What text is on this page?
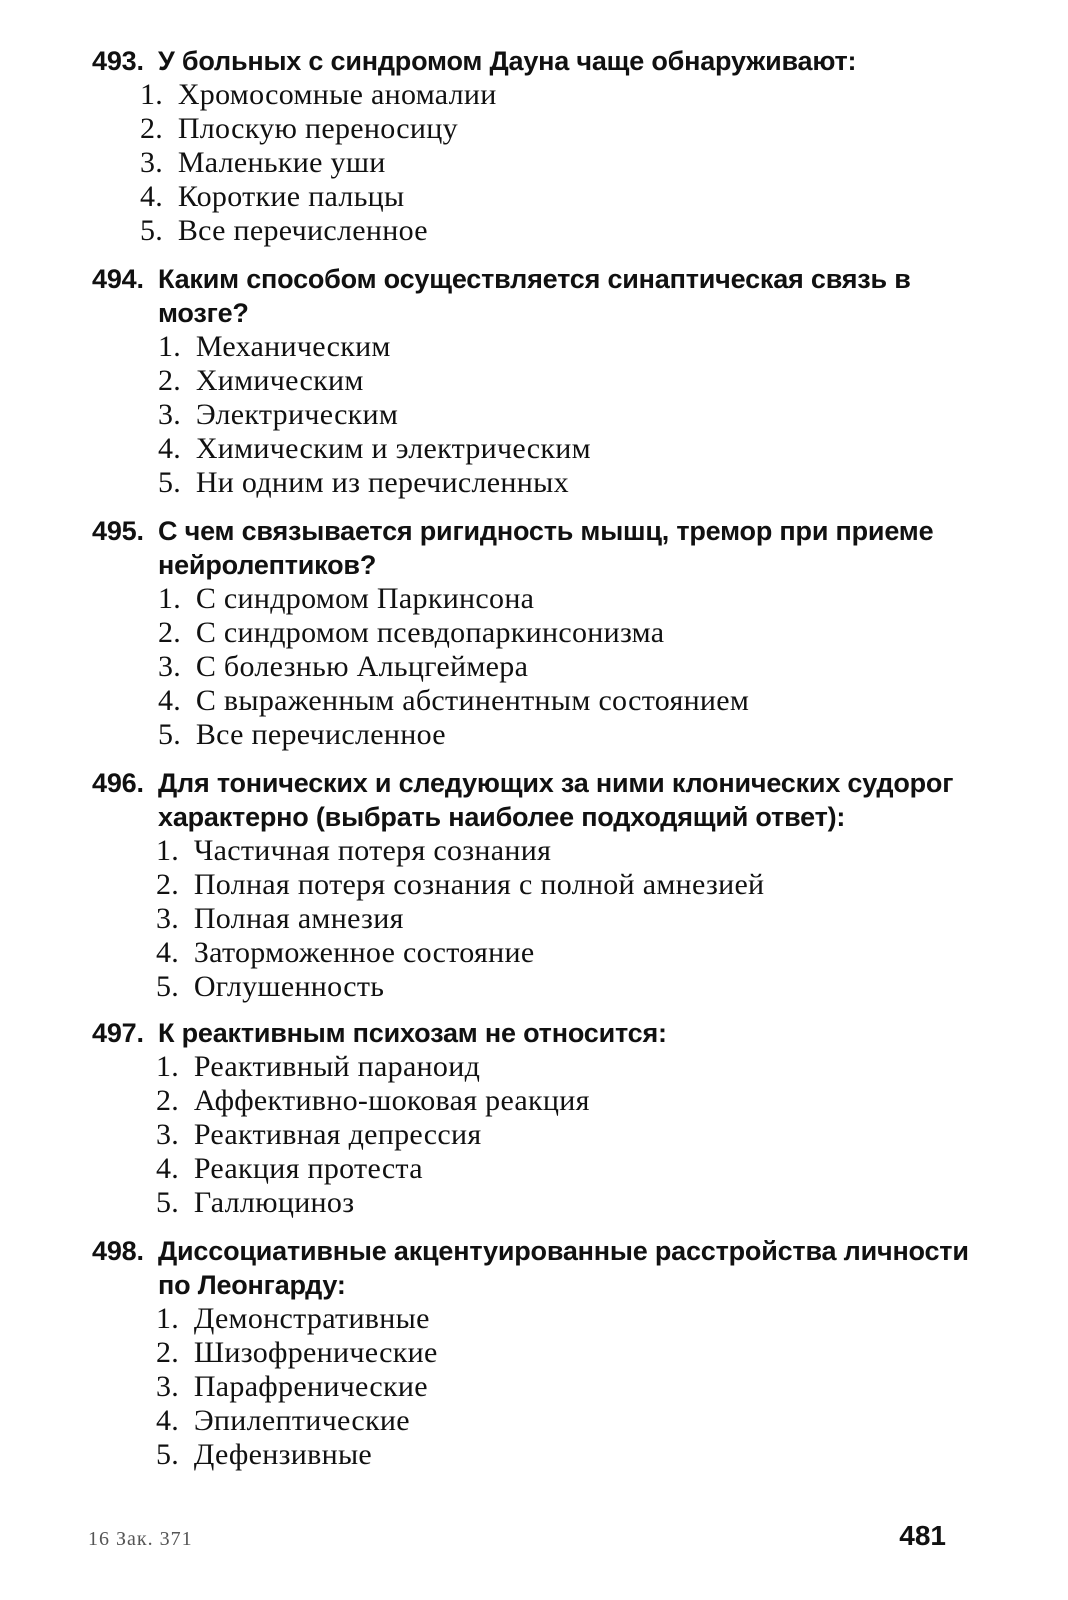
493. У больных с синдромом Дауна чаще обнаруживают:
1. Хромосомные аномалии
2. Плоскую переносицу
3. Маленькие уши
4. Короткие пальцы
5. Все перечисленное
494. Каким способом осуществляется синаптическая связь в мозге?
1. Механическим
2. Химическим
3. Электрическим
4. Химическим и электрическим
5. Ни одним из перечисленных
495. С чем связывается ригидность мышц, тремор при приеме нейролептиков?
1. С синдромом Паркинсона
2. С синдромом псевдопаркинсонизма
3. С болезнью Альцгеймера
4. С выраженным абстинентным состоянием
5. Все перечисленное
496. Для тонических и следующих за ними клонических судорог характерно (выбрать наиболее подходящий ответ):
1. Частичная потеря сознания
2. Полная потеря сознания с полной амнезией
3. Полная амнезия
4. Заторможенное состояние
5. Оглушенность
497. К реактивным психозам не относится:
1. Реактивный параноид
2. Аффективно-шоковая реакция
3. Реактивная депрессия
4. Реакция протеста
5. Галлюциноз
498. Диссоциативные акцентуированные расстройства личности по Леонгарду:
1. Демонстративные
2. Шизофренические
3. Парафренические
4. Эпилептические
5. Дефензивные
16 Зак. 371	481
